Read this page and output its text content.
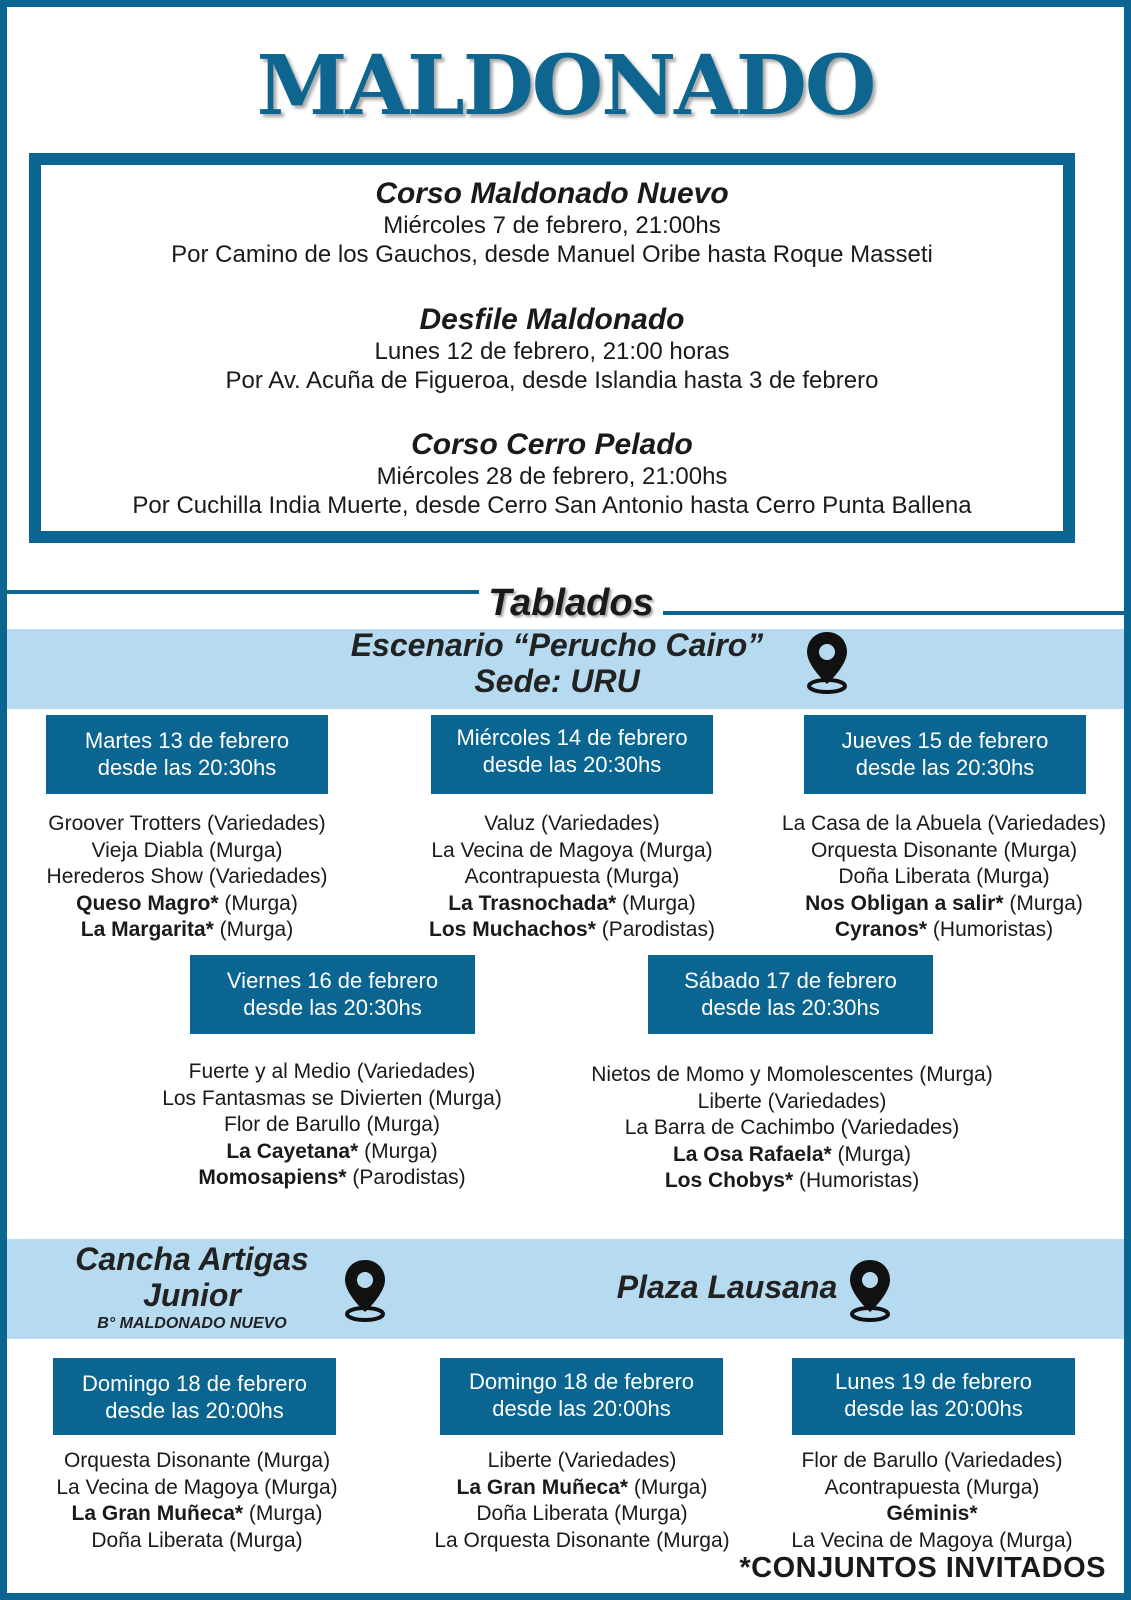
MALDONADO
Corso Maldonado Nuevo
Miércoles 7 de febrero, 21:00hs
Por Camino de los Gauchos, desde Manuel Oribe hasta Roque Masseti
Desfile Maldonado
Lunes 12 de febrero, 21:00 horas
Por Av. Acuña de Figueroa, desde Islandia hasta 3 de febrero
Corso Cerro Pelado
Miércoles 28 de febrero, 21:00hs
Por Cuchilla India Muerte, desde Cerro San Antonio hasta Cerro Punta Ballena
Tablados
Escenario “Perucho Cairo”
Sede: URU
Martes 13 de febrero
desde las 20:30hs
Groover Trotters (Variedades)
Vieja Diabla (Murga)
Herederos Show (Variedades)
Queso Magro* (Murga)
La Margarita* (Murga)
Miércoles 14 de febrero
desde las 20:30hs
Valuz (Variedades)
La Vecina de Magoya (Murga)
Acontrapuesta (Murga)
La Trasnochada* (Murga)
Los Muchachos* (Parodistas)
Jueves 15 de febrero
desde las 20:30hs
La Casa de la Abuela (Variedades)
Orquesta Disonante (Murga)
Doña Liberata (Murga)
Nos Obligan a salir* (Murga)
Cyranos* (Humoristas)
Viernes 16 de febrero
desde las 20:30hs
Fuerte y al Medio (Variedades)
Los Fantasmas se Divierten (Murga)
Flor de Barullo (Murga)
La Cayetana* (Murga)
Momosapiens* (Parodistas)
Sábado 17 de febrero
desde las 20:30hs
Nietos de Momo y Momolescentes (Murga)
Liberte (Variedades)
La Barra de Cachimbo (Variedades)
La Osa Rafaela* (Murga)
Los Chobys* (Humoristas)
Cancha Artigas
Junior
B° MALDONADO NUEVO
Plaza Lausana
Domingo 18 de febrero
desde las 20:00hs
Orquesta Disonante (Murga)
La Vecina de Magoya (Murga)
La Gran Muñeca* (Murga)
Doña Liberata (Murga)
Domingo 18 de febrero
desde las 20:00hs
Liberte (Variedades)
La Gran Muñeca* (Murga)
Doña Liberata (Murga)
La Orquesta Disonante (Murga)
Lunes 19 de febrero
desde las 20:00hs
Flor de Barullo (Variedades)
Acontrapuesta (Murga)
Géminis*
La Vecina de Magoya (Murga)
*CONJUNTOS INVITADOS
